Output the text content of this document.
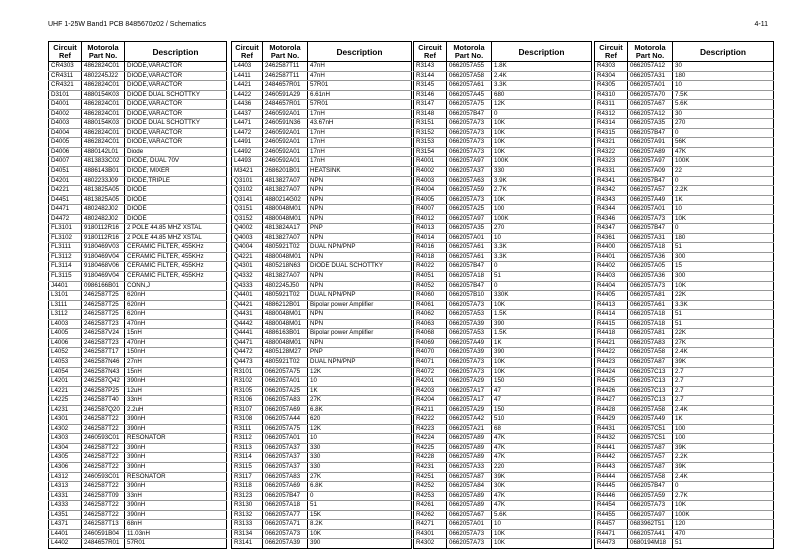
UHF 1-25W Band1 PCB 8485670z02 / Schematics	4-11
Circuit Ref	Motorola Part No.	Description
CR4303	4862824C01	DIODE,VARACTOR
CR4311	4802245J22	DIODE,VARACTOR
CR4321	4862824C01	DIODE,VARACTOR
D3101	4880154K03	DIODE DUAL SCHOTTKY
D4001	4862824C01	DIODE,VARACTOR
D4002	4862824C01	DIODE,VARACTOR
D4003	4880154K03	DIODE DUAL SCHOTTKY
D4004	4862824C01	DIODE,VARACTOR
D4005	4862824C01	DIODE,VARACTOR
D4006	4880142L01	Diode
D4007	4813833C02	DIODE, DUAL 70V
D4051	4886143B01	DIODE, MIXER
D4201	4802233J09	DIODE,TRIPLE
D4221	4813825A05	DIODE
D4451	4813825A05	DIODE
D4471	4802482J02	DIODE
D4472	4802482J02	DIODE
FL3101	9180112R16	2 POLE 44.85 MHZ XSTAL
FL3102	9180112R16	2 POLE 44.85 MHZ XSTAL
FL3111	9180469V03	CERAMIC FILTER, 455KHz
FL3112	9180469V04	CERAMIC FILTER, 455KHz
FL3114	9180468V06	CERAMIC FILTER, 455KHz
FL3115	9180469V04	CERAMIC FILTER, 455KHz
J4401	0986166B01	CONN,J
L3101	2462587T25	620nH
L3111	2462587T25	620nH
L3112	2462587T25	620nH
L4003	2462587T23	470nH
L4005	2462587V24	15nH
L4006	2462587T23	470nH
L4052	2462587T17	150nH
L4053	2462587N46	27nH
L4054	2462587N43	15nH
L4201	2462587Q42	390nH
L4221	2462587P25	12uH
L4225	2462587T40	33nH
L4231	2462587Q20	2.2uH
L4301	2462587T22	390nH
L4302	2462587T22	390nH
L4303	2460593C01	RESONATOR
L4304	2462587T22	390nH
L4305	2462587T22	390nH
L4306	2462587T22	390nH
L4312	2460593C01	RESONATOR
L4313	2462587T22	390nH
L4331	2462587T09	33nH
L4333	2462587T22	390nH
L4351	2462587T22	390nH
L4371	2462587T13	68nH
L4401	2460591B04	11.03nH
L4402	2484657R01	57R01
Circuit Ref	Motorola Part No.	Description
L4403	2462587T11	47nH
L4411	2462587T11	47nH
L4421	2484657R01	57R01
L4422	2460591A29	6.61nH
L4436	2484657R01	57R01
L4437	2460592A01	17nH
L4471	2460591N36	43.67nH
L4472	2460592A01	17nH
L4491	2460592A01	17nH
L4492	2460592A01	17nH
L4493	2460592A01	17nH
M3421	2686201B01	HEATSINK
Q3101	4813827A07	NPN
Q3102	4813827A07	NPN
Q3141	4880214G02	NPN
Q3151	4880048M01	NPN
Q3152	4880048M01	NPN
Q4002	4813824A17	PNP
Q4003	4813827A07	NPN
Q4004	4805921T02	DUAL NPN/PNP
Q4221	4880048M01	NPN
Q4301	4805218N63	DIODE DUAL SCHOTTKY
Q4332	4813827A07	NPN
Q4333	4802245J50	NPN
Q4401	4805921T02	DUAL NPN/PNP
Q4421	4886212B01	Bipolar power Amplifier
Q4431	4880048M01	NPN
Q4442	4880048M01	NPN
Q4441	4886163B01	Bipolar power Amplifier
Q4471	4880048M01	NPN
Q4472	4805128M27	PNP
Q4473	4805921T02	DUAL NPN/PNP
R3101	0662057A75	12K
R3102	0662057A01	10
R3105	0662057A25	1K
R3106	0662057A83	27K
R3107	0662057A69	6.8K
R3108	0662057A44	620
R3111	0662057A75	12K
R3112	0662057A01	10
R3113	0662057A37	330
R3114	0662057A37	330
R3115	0662057A37	330
R3117	0662057A83	27K
R3118	0662057A69	6.8K
R3123	0662057B47	0
R3130	0662057A18	51
R3132	0662057A77	15K
R3133	0662057A71	8.2K
R3134	0662057A73	10K
R3141	0662057A39	390
Circuit Ref	Motorola Part No.	Description
R3143	0662057A55	1.8K
R3144	0662057A58	2.4K
R3145	0662057A61	3.3K
R3146	0662057A45	680
R3147	0662057A75	12K
R3148	0662057B47	0
R3151	0662057A73	10K
R3152	0662057A73	10K
R3153	0662057A73	10K
R3154	0662057A73	10K
R4001	0662057A97	100K
R4002	0662057A37	330
R4003	0662057A63	3.9K
R4004	0662057A59	2.7K
R4005	0662057A73	10K
R4007	0662057A25	100
R4012	0662057A97	100K
R4013	0662057A35	270
R4014	0662057A01	10
R4016	0662057A61	3.3K
R4018	0662057A61	3.3K
R4022	0662057B47	0
R4051	0662057A18	51
R4052	0662057B47	0
R4060	0662057B10	330K
R4061	0662057A73	10K
R4062	0662057A53	1.5K
R4063	0662057A39	390
R4068	0662057A53	1.5K
R4069	0662057A49	1K
R4070	0662057A39	390
R4071	0662057A73	10K
R4072	0662057A73	10K
R4201	0662057A29	150
R4203	0662057A17	47
R4204	0662057A17	47
R4211	0662057A29	150
R4222	0662057A42	510
R4223	0662057A21	68
R4224	0662057A89	47K
R4225	0662057A89	47K
R4228	0662057A89	47K
R4231	0662057A33	220
R4251	0662057A87	39K
R4252	0662057A84	30K
R4253	0662057A89	47K
R4261	0662057A89	47K
R4262	0662057A67	5.6K
R4271	0662057A01	10
R4301	0662057A73	10K
R4302	0662057A73	10K
Circuit Ref	Motorola Part No.	Description
R4303	0662057A12	30
R4304	0662057A31	180
R4305	0662057A01	10
R4310	0662057A70	7.5K
R4311	0662057A67	5.6K
R4312	0662057A12	30
R4314	0662057A35	270
R4315	0662057B47	0
R4321	0662057A91	56K
R4322	0662057A89	47K
R4323	0662057A97	100K
R4331	0662057A09	22
R4341	0662057B47	0
R4342	0662057A57	2.2K
R4343	0662057A49	1K
R4344	0662057A01	10
R4346	0662057A73	10K
R4347	0662057B47	0
R4361	0662057A31	180
R4400	0662057A18	51
R4401	0662057A36	300
R4402	0662057A05	15
R4403	0662057A36	300
R4404	0662057A73	10K
R4405	0662057A81	22K
R4413	0662057A61	3.3K
R4414	0662057A18	51
R4415	0662057A18	51
R4418	0662057A81	22K
R4421	0662057A83	27K
R4422	0662057A58	2.4K
R4423	0662057A87	39K
R4424	0662057C13	2.7
R4425	0662057C13	2.7
R4426	0662057C13	2.7
R4427	0662057C13	2.7
R4428	0662057A58	2.4K
R4429	0662057A49	1K
R4431	0662057C51	100
R4432	0662057C51	100
R4441	0662057A87	39K
R4442	0662057A57	2.2K
R4443	0662057A87	39K
R4444	0662057A58	2.4K
R4445	0662057B47	0
R4446	0662057A59	2.7K
R4454	0662057A73	10K
R4455	0662057A97	100K
R4457	0683962T51	120
R4471	0662057A41	470
R4473	0680194M18	51
